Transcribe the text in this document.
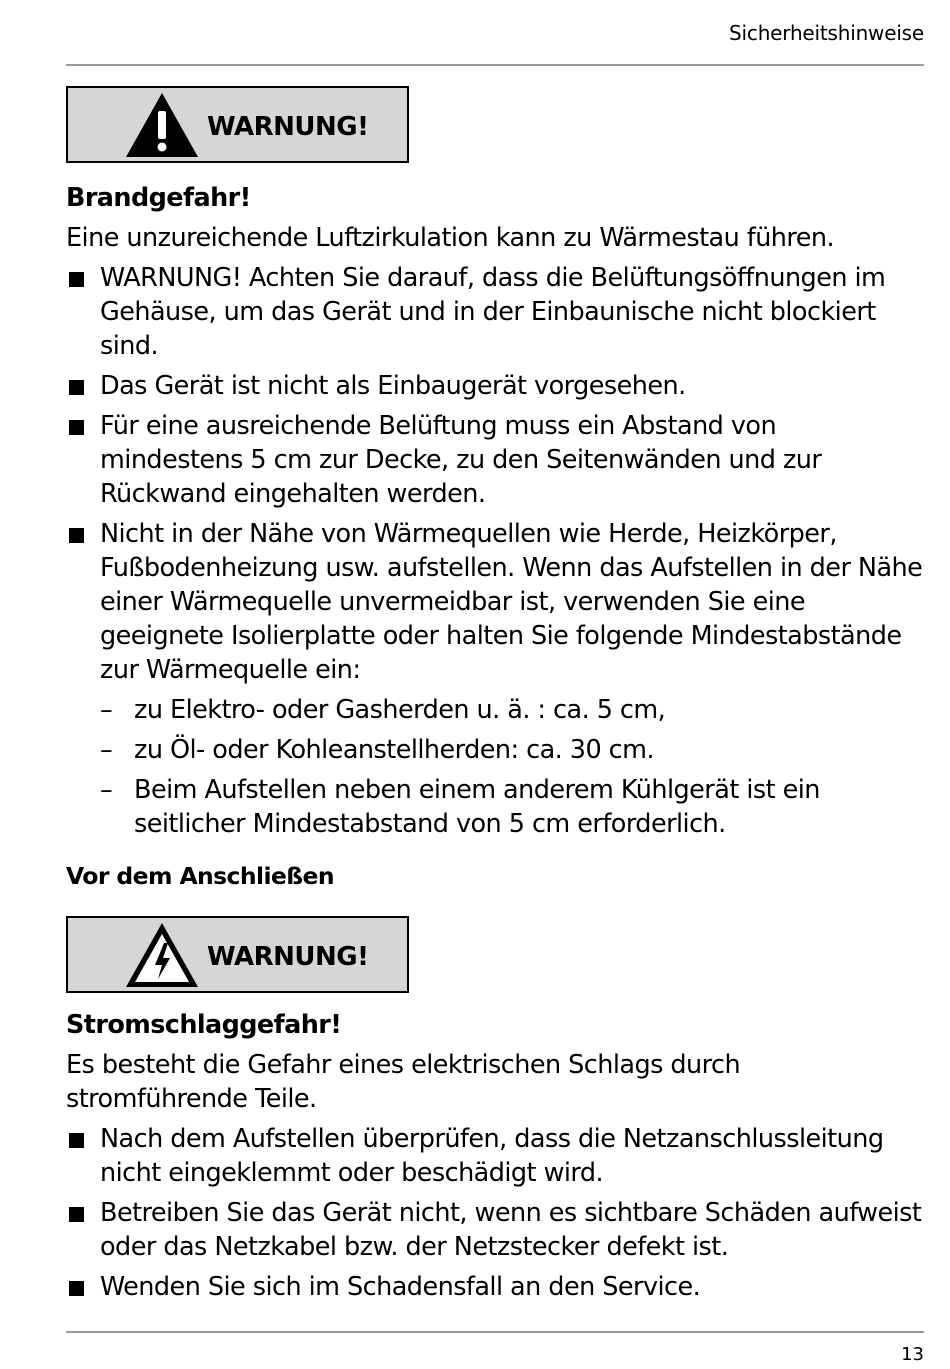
Sicherheitshinweise
WARNUNG!
Brandgefahr!

Eine unzureichende Luftzirkulation kann zu Wärmestau führen.

WARNUNG! Achten Sie darauf, dass die Belüftungsöffnungen im Gehäuse, um das Gerät und in der Einbaunische nicht blockiert sind.
Das Gerät ist nicht als Einbaugerät vorgesehen.
Für eine ausreichende Belüftung muss ein Abstand von mindestens 5 cm zur Decke, zu den Seitenwänden und zur Rückwand eingehalten werden.
Nicht in der Nähe von Wärmequellen wie Herde, Heizkörper, Fußbodenheizung usw. aufstellen. Wenn das Aufstellen in der Nähe einer Wärmequelle unvermeidbar ist, verwenden Sie eine geeignete Isolierplatte oder halten Sie folgende Mindestabstände zur Wärmequelle ein:
– zu Elektro- oder Gasherden u. ä. : ca. 5 cm,
– zu Öl- oder Kohleanstellherden: ca. 30 cm.
– Beim Aufstellen neben einem anderem Kühlgerät ist ein seitlicher Mindestabstand von 5 cm erforderlich.
Vor dem Anschließen
WARNUNG!
Stromschlaggefahr!

Es besteht die Gefahr eines elektrischen Schlags durch stromführende Teile.

Nach dem Aufstellen überprüfen, dass die Netzanschlussleitung nicht eingeklemmt oder beschädigt wird.
Betreiben Sie das Gerät nicht, wenn es sichtbare Schäden aufweist oder das Netzkabel bzw. der Netzstecker defekt ist.
Wenden Sie sich im Schadensfall an den Service.
13
